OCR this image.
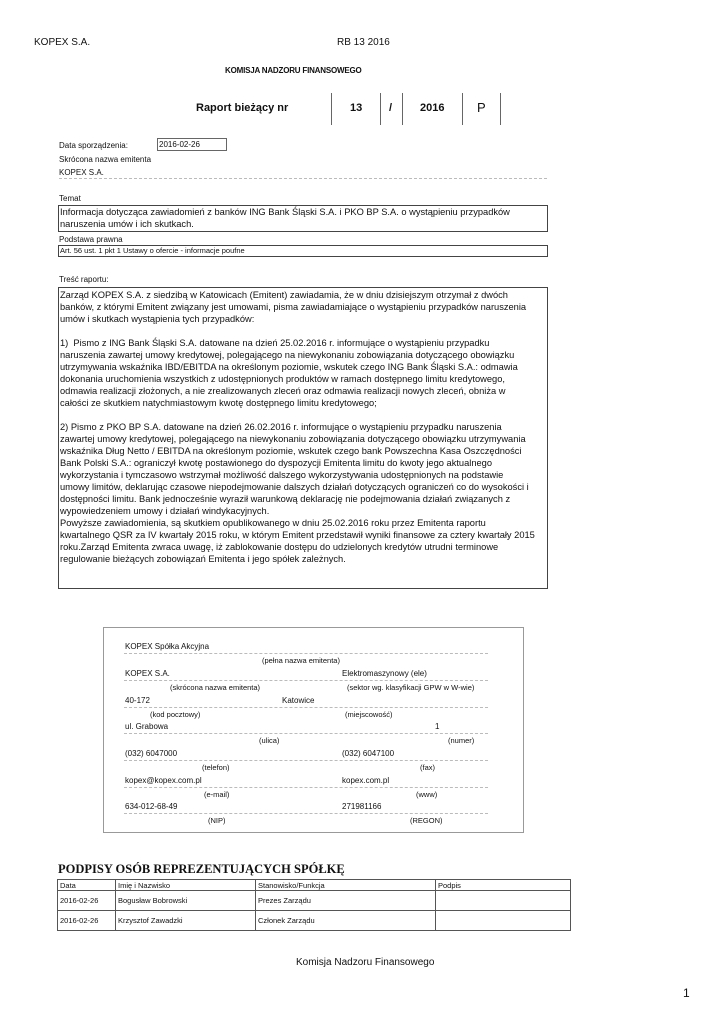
KOPEX S.A.	RB 13 2016
KOMISJA NADZORU FINANSOWEGO
Raport bieżący nr	13 /	2016	P
Data sporządzenia:	2016-02-26
Skrócona nazwa emitenta
KOPEX S.A.
Temat
Informacja dotycząca zawiadomień z banków ING Bank Śląski S.A. i PKO BP S.A. o wystąpieniu przypadków naruszenia umów i ich skutkach.
Podstawa prawna
Art. 56 ust. 1 pkt 1 Ustawy o ofercie - informacje poufne
Treść raportu:
Zarząd KOPEX S.A. z siedzibą w Katowicach (Emitent) zawiadamia, że w dniu dzisiejszym otrzymał z dwóch
banków, z którymi Emitent związany jest umowami, pisma zawiadamiające o wystąpieniu przypadków naruszenia
umów i skutkach wystąpienia tych przypadków:
1)  Pismo z ING Bank Śląski S.A. datowane na dzień 25.02.2016 r. informujące o wystąpieniu przypadku
naruszenia zawartej umowy kredytowej, polegającego na niewykonaniu zobowiązania dotyczącego obowiązku
utrzymywania wskaźnika IBD/EBITDA na określonym poziomie, wskutek czego ING Bank Śląski S.A.: odmawia
dokonania uruchomienia wszystkich z udostępnionych produktów w ramach dostępnego limitu kredytowego,
odmawia realizacji złożonych, a nie zrealizowanych zleceń oraz odmawia realizacji nowych zleceń, obniża w
całości ze skutkiem natychmiastowym kwotę dostępnego limitu kredytowego;
2) Pismo z PKO BP S.A. datowane na dzień 26.02.2016 r. informujące o wystąpieniu przypadku naruszenia
zawartej umowy kredytowej, polegającego na niewykonaniu zobowiązania dotyczącego obowiązku utrzymywania
wskaźnika Dług Netto / EBITDA na określonym poziomie, wskutek czego bank Powszechna Kasa Oszczędności
Bank Polski S.A.: ograniczył kwotę postawionego do dyspozycji Emitenta limitu do kwoty jego aktualnego
wykorzystania i tymczasowo wstrzymał możliwość dalszego wykorzystywania udostępnionych na podstawie
umowy limitów, deklarując czasowe niepodejmowanie dalszych działań dotyczących ograniczeń co do wysokości i
dostępności limitu. Bank jednocześnie wyraził warunkową deklarację nie podejmowania działań związanych z
wypowiedzeniem umowy i działań windykacyjnych.
Powyższe zawiadomienia, są skutkiem opublikowanego w dniu 25.02.2016 roku przez Emitenta raportu
kwartalnego QSR za IV kwartały 2015 roku, w którym Emitent przedstawił wyniki finansowe za cztery kwartały 2015
roku.Zarząd Emitenta zwraca uwagę, iż zablokowanie dostępu do udzielonych kredytów utrudni terminowe
regulowanie bieżących zobowiązań Emitenta i jego spółek zależnych.
KOPEX Spółka Akcyjna
(pełna nazwa emitenta)
KOPEX S.A.	Elektromaszynowy (ele)
(skrócona nazwa emitenta)	(sektor wg. klasyfikacji GPW w W-wie)
40-172	Katowice
(kod pocztowy)	(miejscowość)
ul. Grabowa	1
(ulica)	(numer)
(032) 6047000	(032) 6047100
(telefon)	(fax)
kopex@kopex.com.pl	kopex.com.pl
(e-mail)	(www)
634-012-68-49	271981166
(NIP)	(REGON)
PODPISY OSÓB REPREZENTUJĄCYCH SPÓŁKĘ
Data	Imię i Nazwisko	Stanowisko/Funkcja	Podpis
2016-02-26	Bogusław Bobrowski	Prezes Zarządu	
2016-02-26	Krzysztof Zawadzki	Członek Zarządu	
Komisja Nadzoru Finansowego
1
